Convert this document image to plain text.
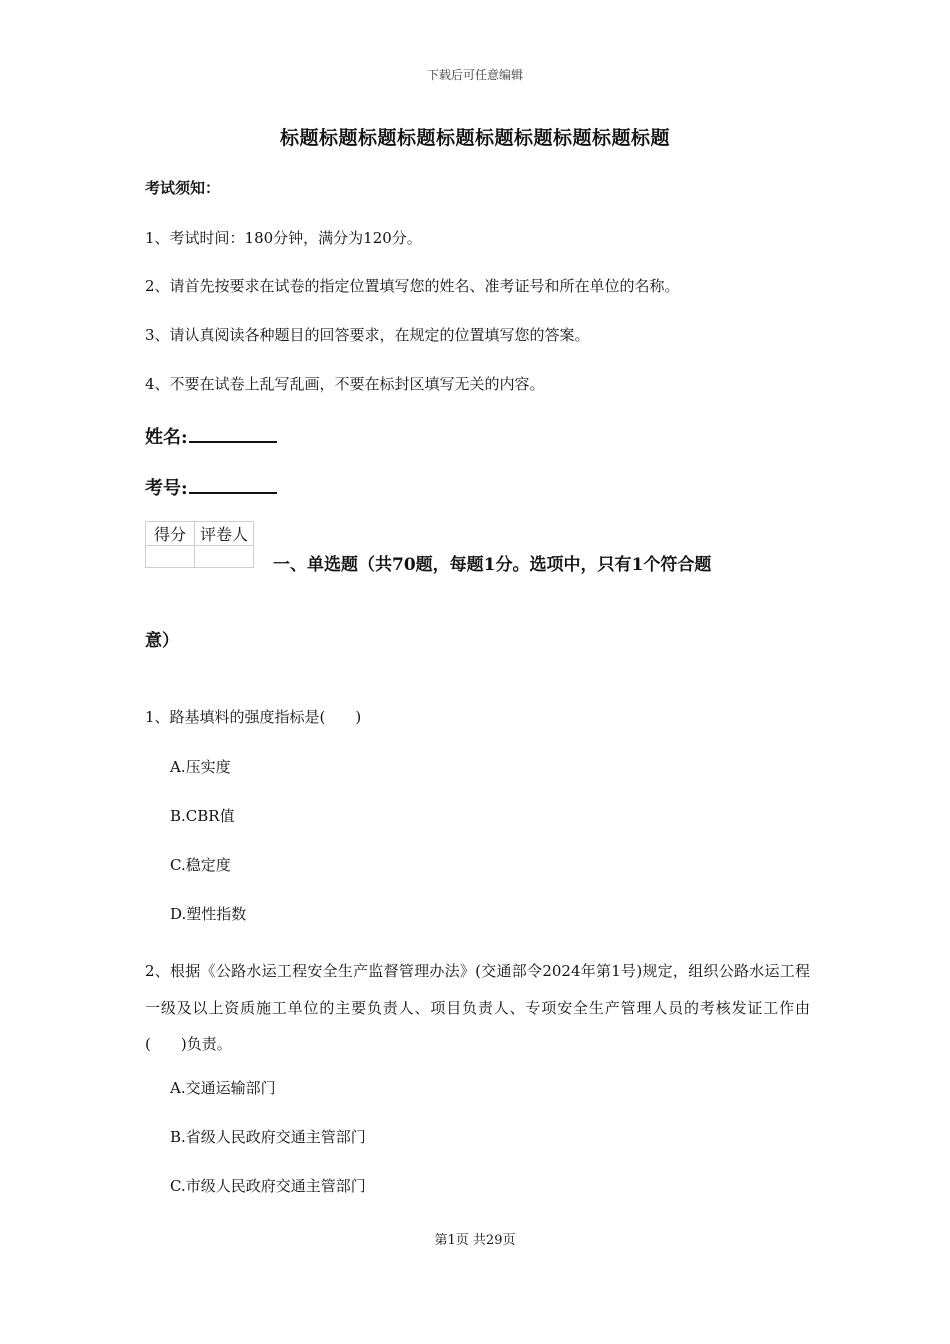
下载后可任意编辑
标题标题标题标题标题标题标题标题标题标题
考试须知：
1、考试时间：180分钟，满分为120分。
2、请首先按要求在试卷的指定位置填写您的姓名、准考证号和所在单位的名称。
3、请认真阅读各种题目的回答要求，在规定的位置填写您的答案。
4、不要在试卷上乱写乱画，不要在标封区填写无关的内容。
姓名:
考号:
得分	评卷人

一、单选题（共70题，每题1分。选项中，只有1个符合题
意）
1、路基填料的强度指标是(　　)
A.压实度
B.CBR值
C.稳定度
D.塑性指数
2、根据《公路水运工程安全生产监督管理办法》(交通部令2024年第1号)规定，组织公路水运工程一级及以上资质施工单位的主要负责人、项目负责人、专项安全生产管理人员的考核发证工作由(　　)负责。
A.交通运输部门
B.省级人民政府交通主管部门
C.市级人民政府交通主管部门
第1页 共29页
